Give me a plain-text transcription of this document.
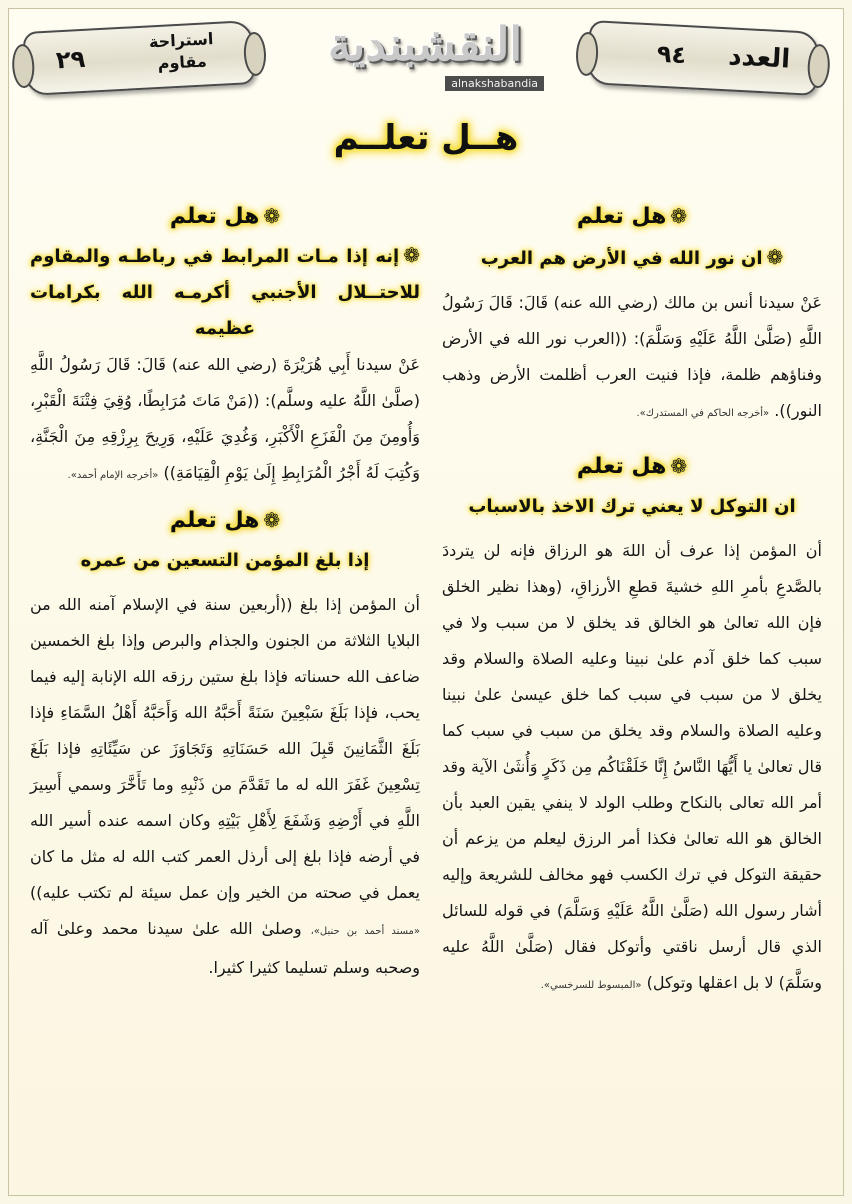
العدد
٩٤
النقشبندية
alnakshabandia
استراحة مقاوم
٢٩
هــل تعلــم
❁هل تعلم
❁ان نور الله في الأرض هم العرب

عَنْ سيدنا أنس بن مالك (رضي الله عنه) قَالَ: قَالَ رَسُولُ اللَّهِ (صَلَّىٰ اللَّهُ عَلَيْهِ وَسَلَّمَ): ((العرب نور الله في الأرض وفناؤهم ظلمة، فإذا فنيت العرب أظلمت الأرض وذهب النور)). «أخرجه الحاكم في المستدرك».

❁هل تعلم
ان التوكل لا يعني ترك الاخذ بالاسباب

أن المؤمن إذا عرف أن اللهَ هو الرزاق فإنه لن يترددَ بالصَّدعِ بأمرِ اللهِ خشيةَ قطعِ الأرزاقِ، (وهذا نظير الخلق فإن الله تعالىٰ هو الخالق قد يخلق لا من سبب ولا في سبب كما خلق آدم علىٰ نبينا وعليه الصلاة والسلام وقد يخلق لا من سبب في سبب كما خلق عيسىٰ علىٰ نبينا وعليه الصلاة والسلام وقد يخلق من سبب في سبب كما قال تعالىٰ يا أَيُّهَا النَّاسُ إِنَّا خَلَقْنَاكُم مِن ذَكَرٍ وَأُنثَىٰ الآية وقد أمر الله تعالى بالنكاح وطلب الولد لا ينفي يقين العبد بأن الخالق هو الله تعالىٰ فكذا أمر الرزق ليعلم من يزعم أن حقيقة التوكل في ترك الكسب فهو مخالف للشريعة وإليه أشار رسول الله (صَلَّىٰ اللَّهُ عَلَيْهِ وَسَلَّمَ) في قوله للسائل الذي قال أرسل ناقتي وأتوكل فقال (صَلَّىٰ اللَّهُ عليه وسَلَّمَ) لا بل اعقلها وتوكل) «المبسوط للسرخسي».

❁هل تعلم
❁إنه إذا مـات المرابط في رباطـه والمقاوم للاحتــلال الأجنبي أكرمـه الله بكرامات عظيمه

عَنْ سيدنا أَبِي هُرَيْرَةَ (رضي الله عنه) قَالَ: قَالَ رَسُولُ اللَّهِ (صلَّىٰ اللَّهُ عليه وسلَّم): ((مَنْ مَاتَ مُرَابِطًا، وُقِيَ فِتْنَةَ الْقَبْرِ، وَأُومِنَ مِنَ الْفَزَعِ الْأَكْبَرِ، وَغُدِيَ عَلَيْهِ، وَرِيحَ بِرِزْقِهِ مِنَ الْجَنَّةِ، وَكُتِبَ لَهُ أَجْرُ الْمُرَابِطِ إِلَىٰ يَوْمِ الْقِيَامَةِ)) «أخرجه الإمام أحمد».

❁هل تعلم
إذا بلغ المؤمن التسعين من عمره

أن المؤمن إذا بلغ ((أربعين سنة في الإسلام آمنه الله من البلايا الثلاثة من الجنون والجذام والبرص وإذا بلغ الخمسين ضاعف الله حسناته فإذا بلغ ستين رزقه الله الإنابة إليه فيما يحب، فإذا بَلَغَ سَبْعِينَ سَنَةً أَحَبَّهُ الله وَأَحَبَّهُ أَهْلُ السَّمَاءِ فإذا بَلَغَ الثَّمَانِينَ قَبِلَ الله حَسَنَاتِهِ وَتَجَاوَزَ عن سَيِّئَاتِهِ فإذا بَلَغَ تِسْعِينَ غَفَرَ الله له ما تَقَدَّمَ من ذَنْبِهِ وما تَأَخَّرَ وسمي أَسِيرَ اللَّهِ في أَرْضِهِ وَشَفَعَ لِأَهْلِ بَيْتِهِ وكان اسمه عنده أسير الله في أرضه فإذا بلغ إلى أرذل العمر كتب الله له مثل ما كان يعمل في صحته من الخير وإن عمل سيئة لم تكتب عليه)) «مسند أحمد بن حنبل»، وصلىٰ الله علىٰ سيدنا محمد وعلىٰ آله وصحبه وسلم تسليما كثيرا كثيرا.
